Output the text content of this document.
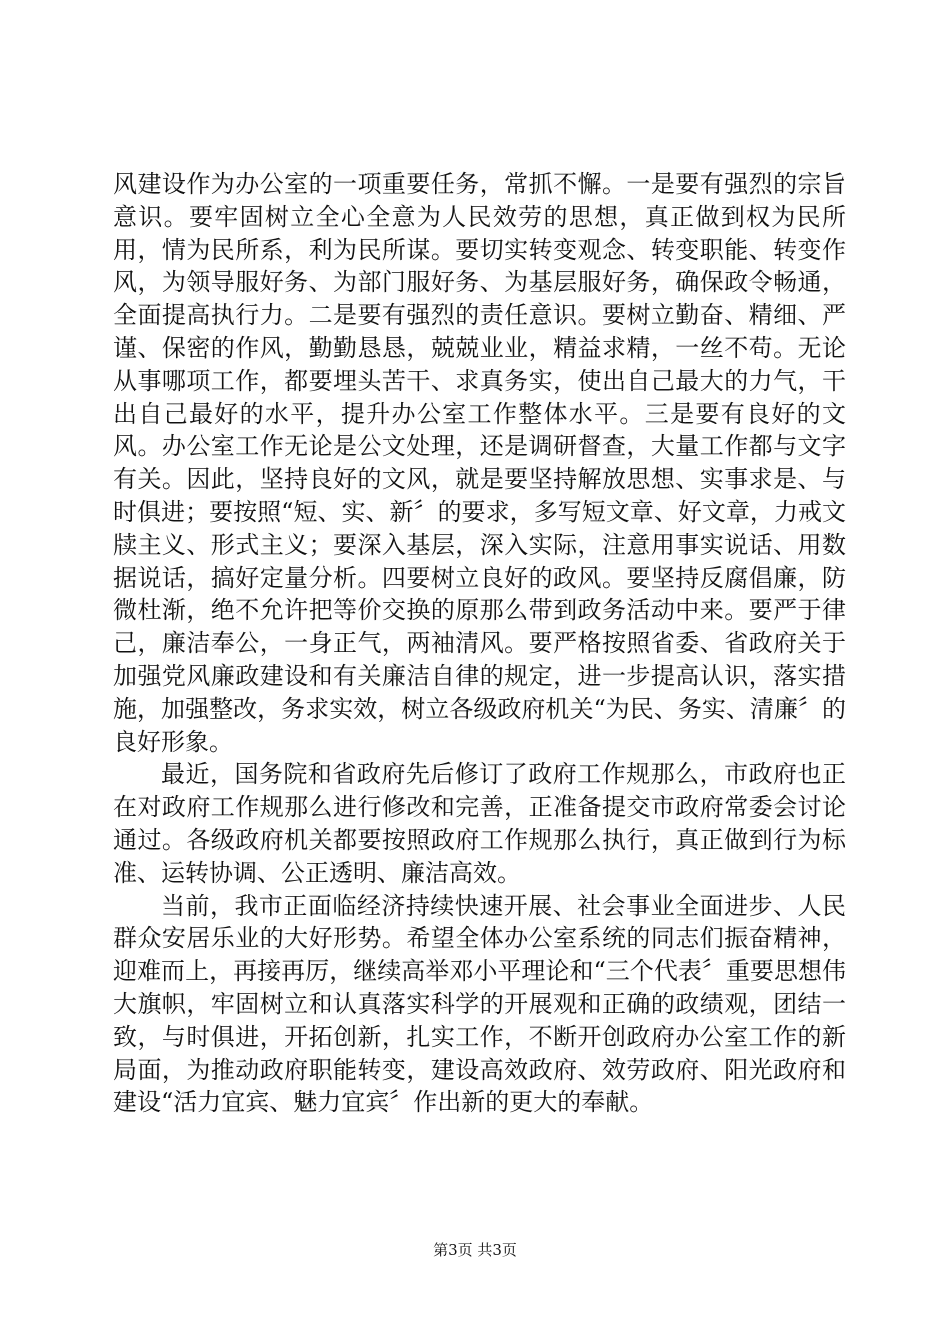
风建设作为办公室的一项重要任务，常抓不懈。一是要有强烈的宗旨意识。要牢固树立全心全意为人民效劳的思想，真正做到权为民所用，情为民所系，利为民所谋。要切实转变观念、转变职能、转变作风，为领导服好务、为部门服好务、为基层服好务，确保政令畅通，全面提高执行力。二是要有强烈的责任意识。要树立勤奋、精细、严谨、保密的作风，勤勤恳恳，兢兢业业，精益求精，一丝不苟。无论从事哪项工作，都要埋头苦干、求真务实，使出自己最大的力气，干出自己最好的水平，提升办公室工作整体水平。三是要有良好的文风。办公室工作无论是公文处理，还是调研督查，大量工作都与文字有关。因此，坚持良好的文风，就是要坚持解放思想、实事求是、与时俱进；要按照“短、实、新〞的要求，多写短文章、好文章，力戒文牍主义、形式主义；要深入基层，深入实际，注意用事实说话、用数据说话，搞好定量分析。四要树立良好的政风。要坚持反腐倡廉，防微杜渐，绝不允许把等价交换的原那么带到政务活动中来。要严于律己，廉洁奉公，一身正气，两袖清风。要严格按照省委、省政府关于加强党风廉政建设和有关廉洁自律的规定，进一步提高认识，落实措施，加强整改，务求实效，树立各级政府机关“为民、务实、清廉〞的良好形象。

最近，国务院和省政府先后修订了政府工作规那么，市政府也正在对政府工作规那么进行修改和完善，正准备提交市政府常委会讨论通过。各级政府机关都要按照政府工作规那么执行，真正做到行为标准、运转协调、公正透明、廉洁高效。

当前，我市正面临经济持续快速开展、社会事业全面进步、人民群众安居乐业的大好形势。希望全体办公室系统的同志们振奋精神，迎难而上，再接再厉，继续高举邓小平理论和“三个代表〞重要思想伟大旗帜，牢固树立和认真落实科学的开展观和正确的政绩观，团结一致，与时俱进，开拓创新，扎实工作，不断开创政府办公室工作的新局面，为推动政府职能转变，建设高效政府、效劳政府、阳光政府和建设“活力宜宾、魅力宜宾〞作出新的更大的奉献。

第3页 共3页
